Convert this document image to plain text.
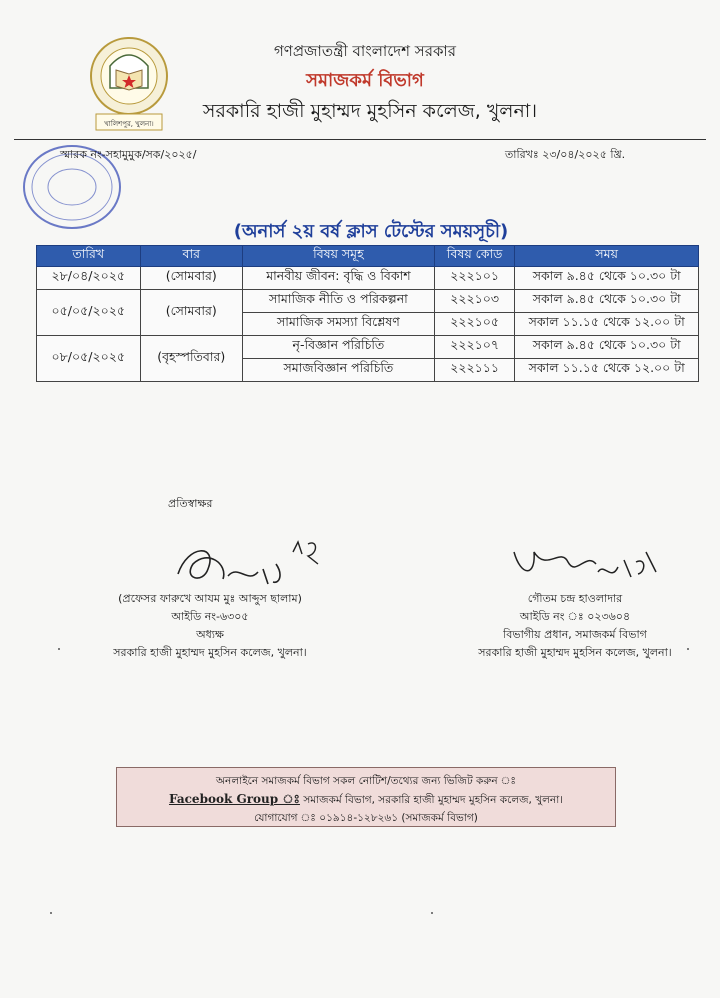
খালিশপুর, খুলনা।
গণপ্রজাতন্ত্রী বাংলাদেশ সরকার
সমাজকর্ম বিভাগ
সরকারি হাজী মুহাম্মদ মুহসিন কলেজ, খুলনা।
স্মারক নং-সহামুমুক/সক/২০২৫/	তারিখঃ ২৩/০৪/২০২৫ খ্রি.
(অনার্স ২য় বর্ষ ক্লাস টেস্টের সময়সূচী)
তারিখ	বার	বিষয় সমূহ	বিষয় কোড	সময়
২৮/০৪/২০২৫	(সোমবার)	মানবীয় জীবন: বৃদ্ধি ও বিকাশ	২২২১০১	সকাল ৯.৪৫ থেকে ১০.৩০ টা
০৫/০৫/২০২৫	(সোমবার)	সামাজিক নীতি ও পরিকল্পনা	২২২১০৩	সকাল ৯.৪৫ থেকে ১০.৩০ টা
		সামাজিক সমস্যা বিশ্লেষণ	২২২১০৫	সকাল ১১.১৫ থেকে ১২.০০ টা
০৮/০৫/২০২৫	(বৃহস্পতিবার)	নৃ-বিজ্ঞান পরিচিতি	২২২১০৭	সকাল ৯.৪৫ থেকে ১০.৩০ টা
		সমাজবিজ্ঞান পরিচিতি	২২২১১১	সকাল ১১.১৫ থেকে ১২.০০ টা
প্রতিস্বাক্ষর
(প্রফেসর ফারুখে আযম মুঃ আব্দুস ছালাম)
আইডি নং-৬৩০৫
অধ্যক্ষ
সরকারি হাজী মুহাম্মদ মুহসিন কলেজ, খুলনা।
গৌতম চন্দ্র হাওলাদার
আইডি নং ঃ ০২৩৬০৪
বিভাগীয় প্রধান, সমাজকর্ম বিভাগ
সরকারি হাজী মুহাম্মদ মুহসিন কলেজ, খুলনা।
অনলাইনে সমাজকর্ম বিভাগ সকল নোটিশ/তথ্যের জন্য ভিজিট করুন ঃ
Facebook Group ঃ সমাজকর্ম বিভাগ, সরকারি হাজী মুহাম্মদ মুহসিন কলেজ, খুলনা।
যোগাযোগ ঃ ০১৯১৪-১২৮২৬১ (সমাজকর্ম বিভাগ)
